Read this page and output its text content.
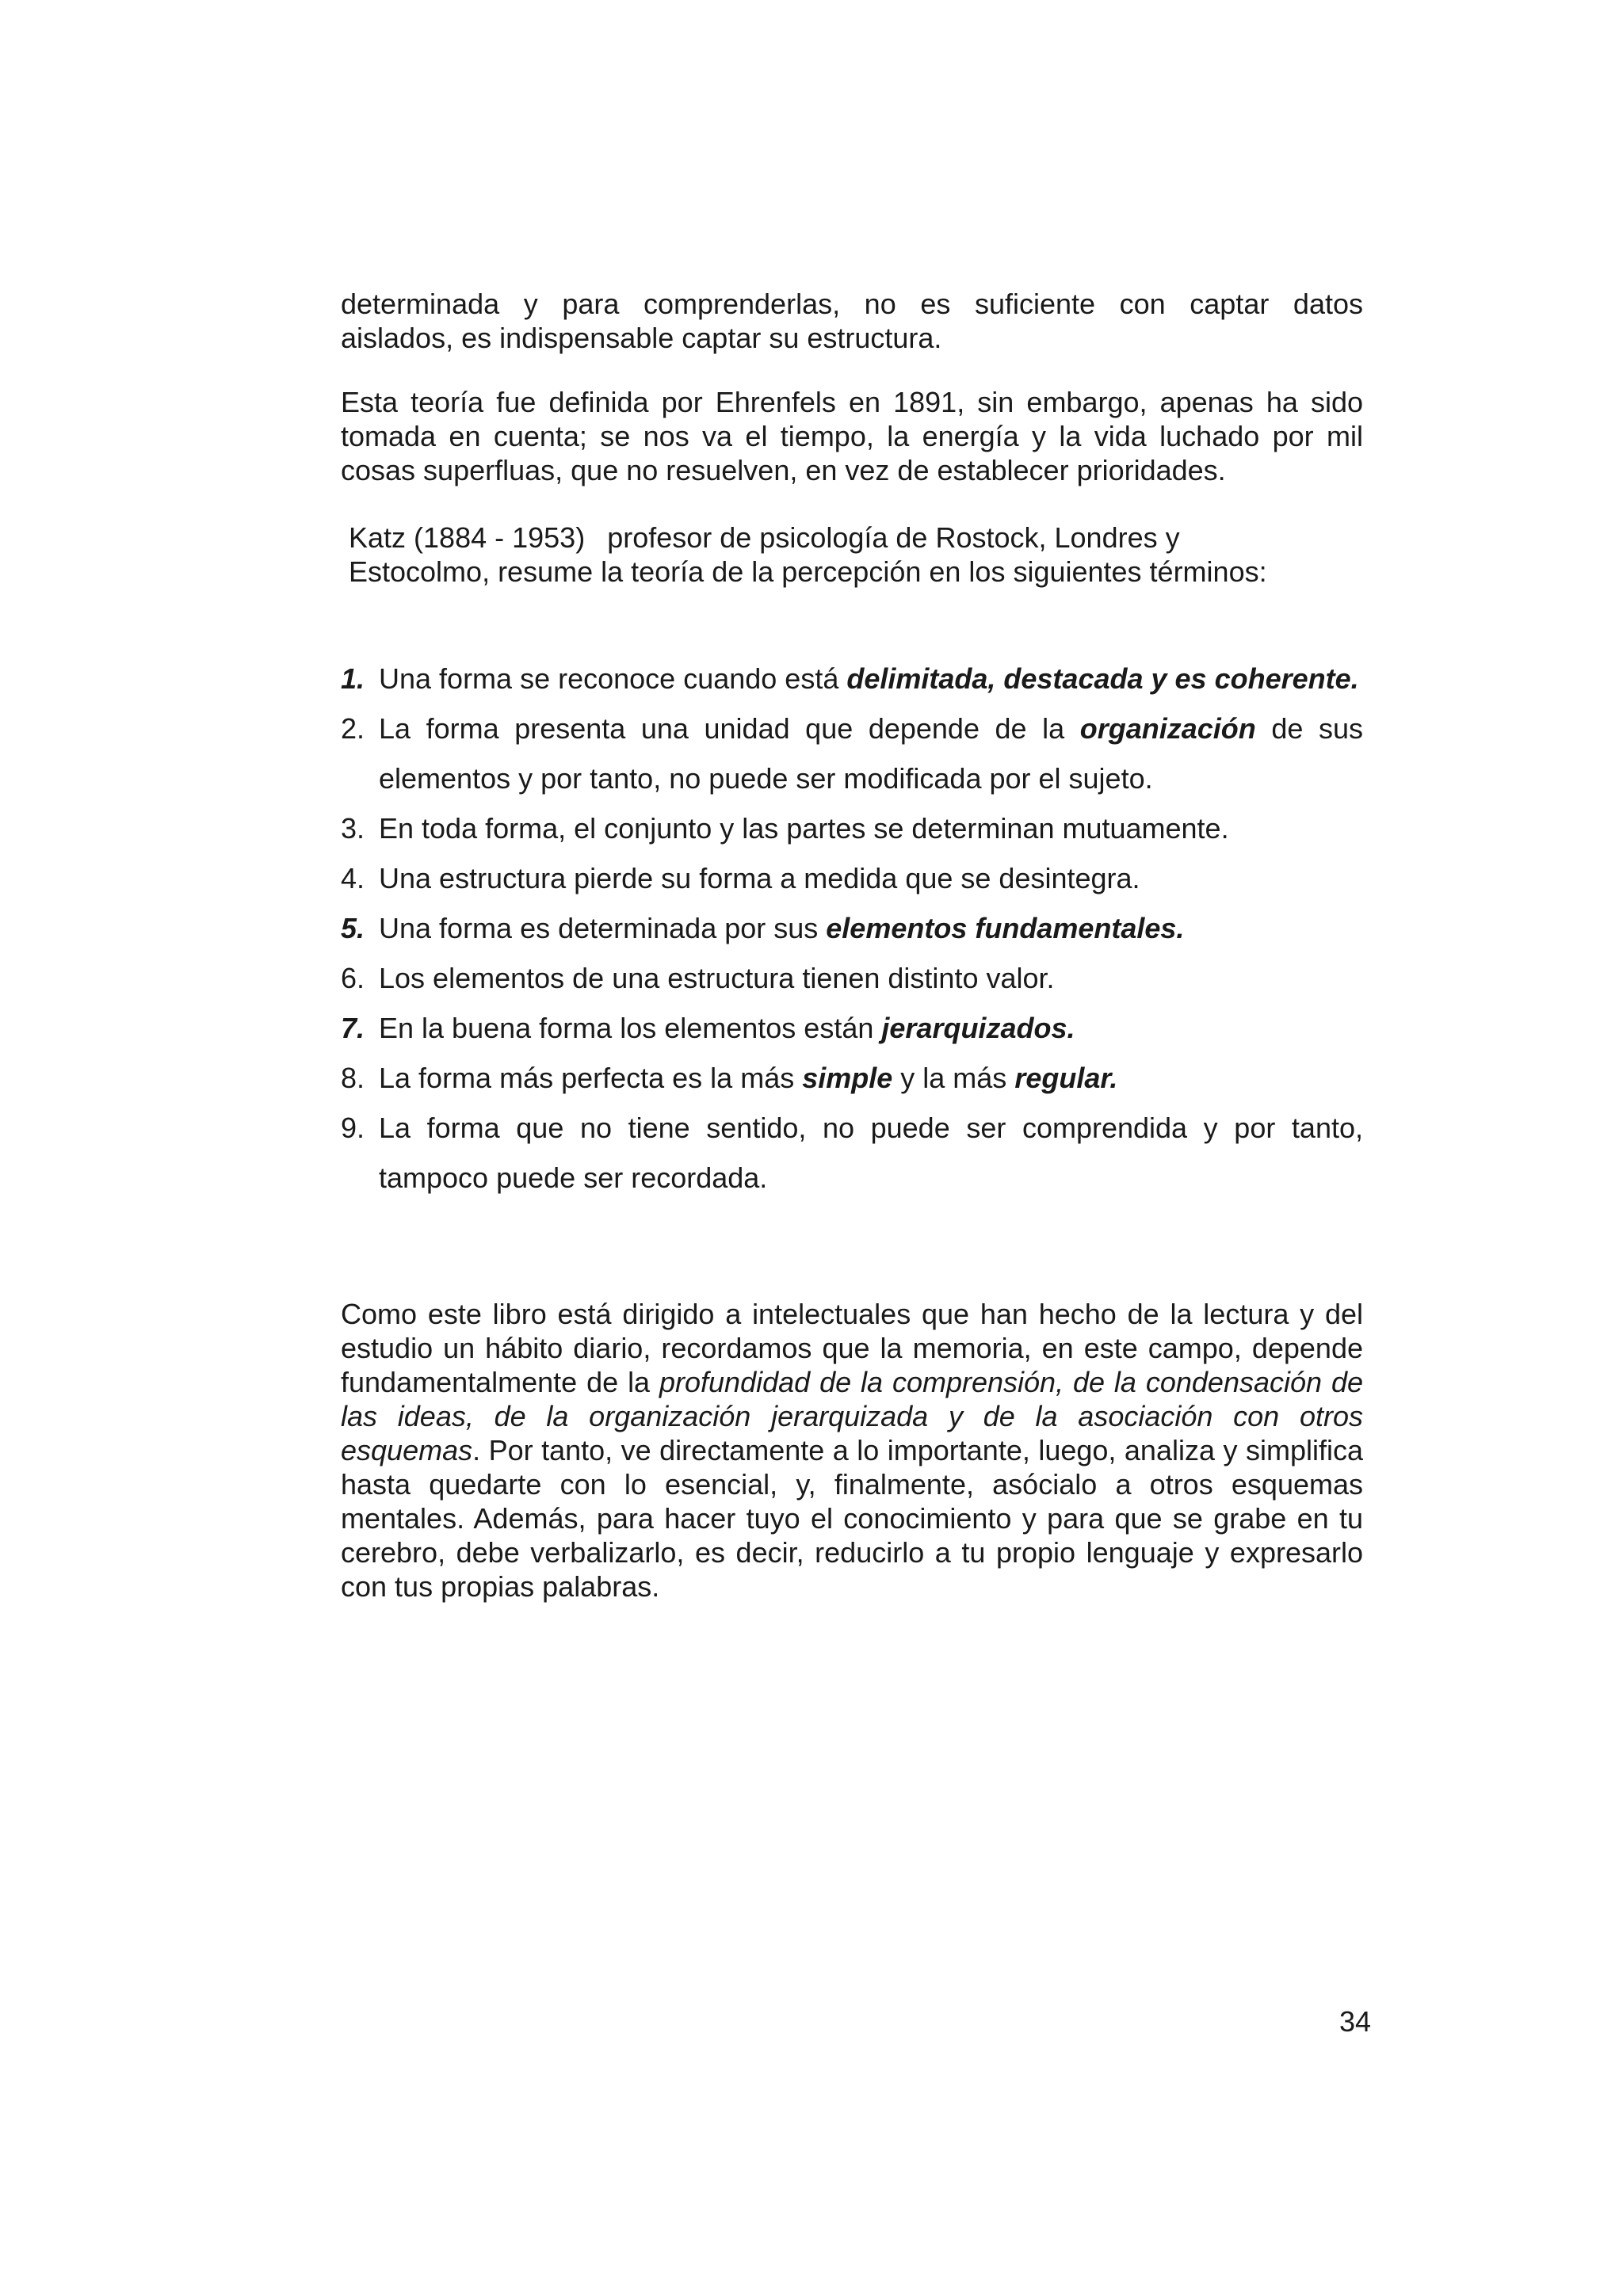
determinada y para comprenderlas, no es suficiente con captar datos

aislados, es indispensable captar su estructura.

Esta teoría fue definida por Ehrenfels en 1891, sin embargo, apenas ha sido tomada en cuenta; se nos va el tiempo, la energía y la vida luchado por mil cosas superfluas, que no resuelven, en vez de establecer prioridades.

Katz (1884 - 1953) profesor de psicología de Rostock, Londres y

Estocolmo, resume la teoría de la percepción en los siguientes términos:

1. Una forma se reconoce cuando está delimitada, destacada y es coherente.
2. La forma presenta una unidad que depende de la organización de sus elementos y por tanto, no puede ser modificada por el sujeto.
3. En toda forma, el conjunto y las partes se determinan mutuamente.
4. Una estructura pierde su forma a medida que se desintegra.
5. Una forma es determinada por sus elementos fundamentales.
6. Los elementos de una estructura tienen distinto valor.
7. En la buena forma los elementos están jerarquizados.
8. La forma más perfecta es la más simple y la más regular.
9. La forma que no tiene sentido, no puede ser comprendida y por tanto, tampoco puede ser recordada.

Como este libro está dirigido a intelectuales que han hecho de la lectura y del estudio un hábito diario, recordamos que la memoria, en este campo, depende fundamentalmente de la profundidad de la comprensión, de la condensación de las ideas, de la organización jerarquizada y de la asociación con otros esquemas. Por tanto, ve directamente a lo importante, luego, analiza y simplifica hasta quedarte con lo esencial, y, finalmente, asócialo a otros esquemas mentales. Además, para hacer tuyo el conocimiento y para que se grabe en tu cerebro, debe verbalizarlo, es decir, reducirlo a tu propio lenguaje y expresarlo con tus propias palabras.

34
